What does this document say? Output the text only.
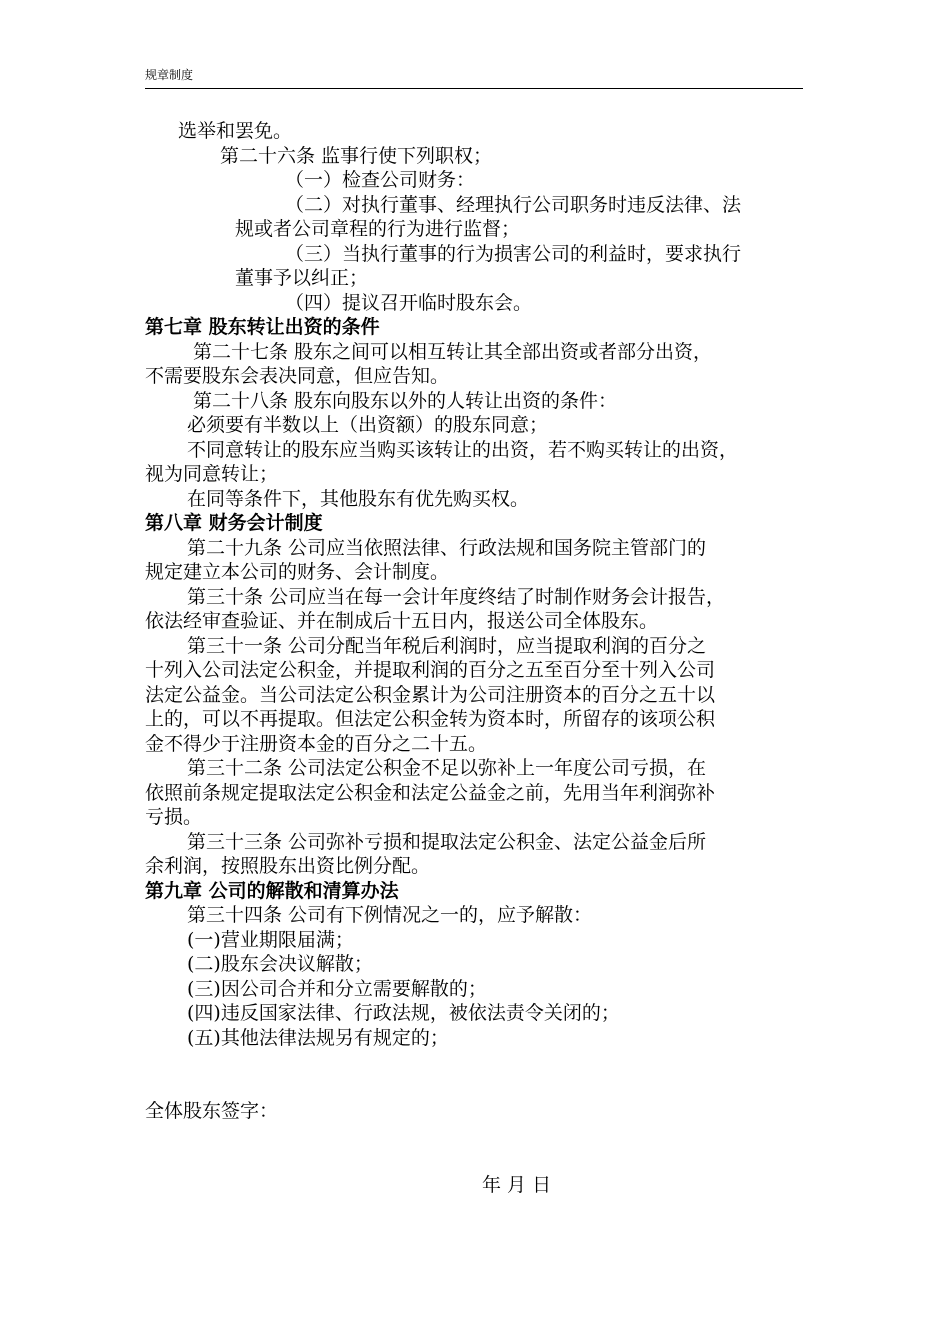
规章制度

选举和罢免。

第二十六条 监事行使下列职权；

（一）检查公司财务：

（二）对执行董事、经理执行公司职务时违反法律、法

规或者公司章程的行为进行监督；

（三）当执行董事的行为损害公司的利益时，要求执行

董事予以纠正；

（四）提议召开临时股东会。

第七章 股东转让出资的条件

第二十七条 股东之间可以相互转让其全部出资或者部分出资，

不需要股东会表决同意，但应告知。

第二十八条 股东向股东以外的人转让出资的条件：

必须要有半数以上（出资额）的股东同意；

不同意转让的股东应当购买该转让的出资，若不购买转让的出资，

视为同意转让；

在同等条件下，其他股东有优先购买权。

第八章 财务会计制度

第二十九条 公司应当依照法律、行政法规和国务院主管部门的

规定建立本公司的财务、会计制度。

第三十条 公司应当在每一会计年度终结了时制作财务会计报告，

依法经审查验证、并在制成后十五日内，报送公司全体股东。

第三十一条 公司分配当年税后利润时，应当提取利润的百分之

十列入公司法定公积金，并提取利润的百分之五至百分至十列入公司

法定公益金。当公司法定公积金累计为公司注册资本的百分之五十以

上的，可以不再提取。但法定公积金转为资本时，所留存的该项公积

金不得少于注册资本金的百分之二十五。

第三十二条 公司法定公积金不足以弥补上一年度公司亏损，在

依照前条规定提取法定公积金和法定公益金之前，先用当年利润弥补

亏损。

第三十三条 公司弥补亏损和提取法定公积金、法定公益金后所

余利润，按照股东出资比例分配。

第九章 公司的解散和清算办法

第三十四条 公司有下例情况之一的，应予解散：

(一)营业期限届满；

(二)股东会决议解散；

(三)因公司合并和分立需要解散的；

(四)违反国家法律、行政法规，被依法责令关闭的；

(五)其他法律法规另有规定的；

全体股东签字：

年 月 日
